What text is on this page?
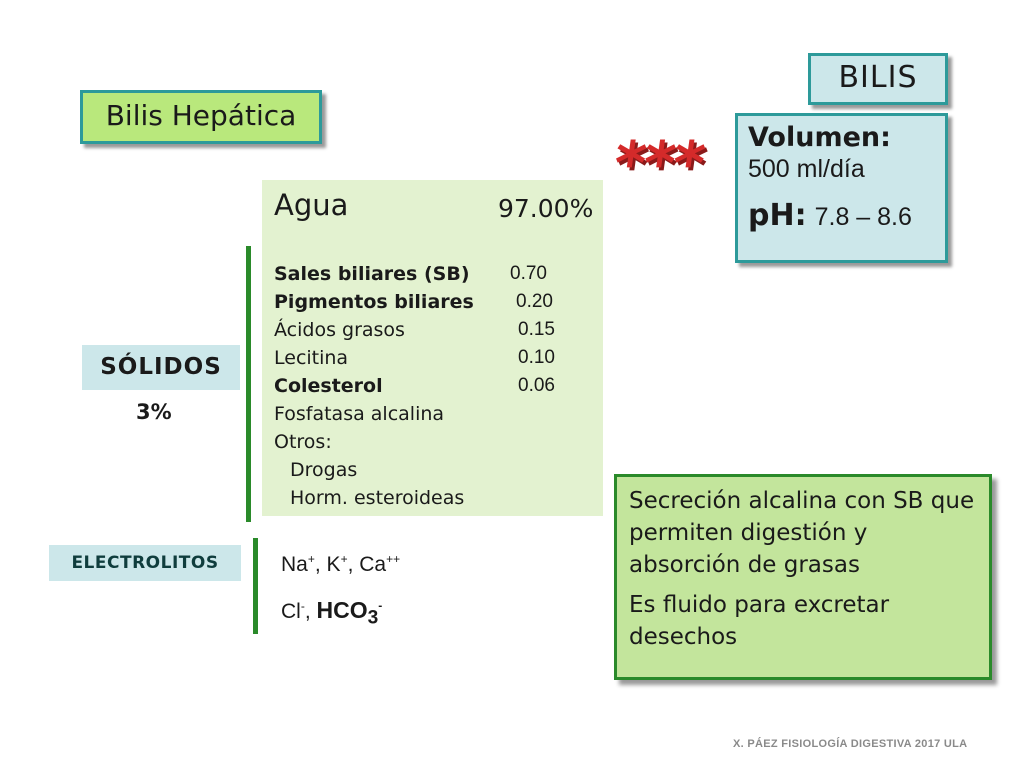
Bilis Hepática
BILIS
*** Volumen:
500 ml/día
pH: 7.8 – 8.6
Agua	97.00%
Sales biliares (SB) 0.70
Pigmentos biliares 0.20
Ácidos grasos	0.15
Lecitina	0.10
Colesterol	0.06
Fosfatasa alcalina
Otros:
Drogas
Horm. esteroideas
SÓLIDOS
3%
ELECTROLITOS	Na+, K+, Ca++
Cl-, $HCO_3^-$

Secreción alcalina con SB que permiten digestión y absorción de grasas

Es fluido para excretar desechos

X. PÁEZ FISIOLOGÍA DIGESTIVA 2017 ULA
